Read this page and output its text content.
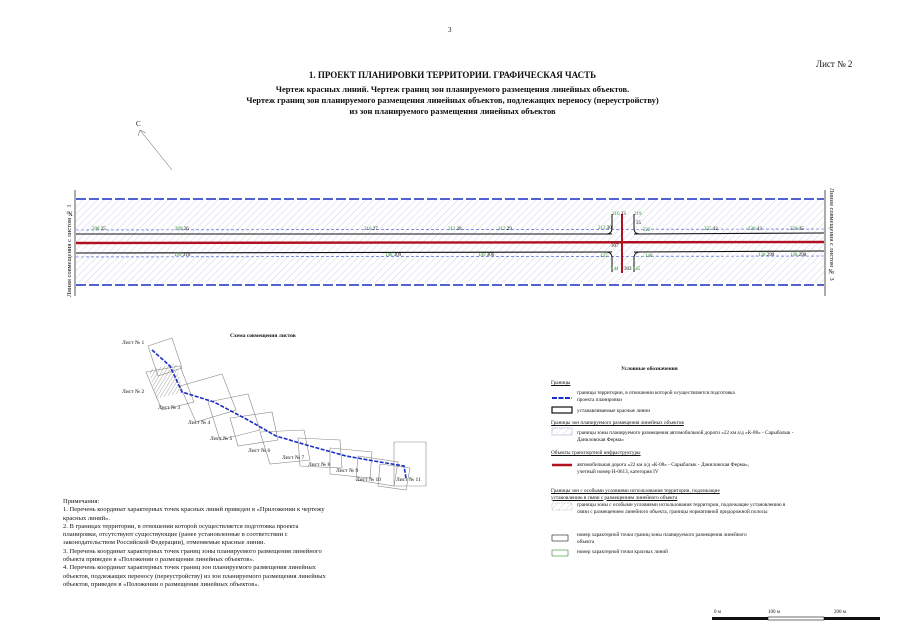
3
Лист № 2
1. ПРОЕКТ ПЛАНИРОВКИ ТЕРРИТОРИИ. ГРАФИЧЕСКАЯ ЧАСТЬ
Чертеж красных линий. Чертеж границ зон планируемого размещения линейных объектов.
Чертеж границ зон планируемого размещения линейных объектов, подлежащих переносу (переустройству)
из зон планируемого размещения линейных объектов
С
208 25	209 26	210 27	211 28	212 29	213 30
216 33 219
35
222	225 42	226 43	228 45
150 310	148 309	149 306	147
307
144 303 145
146	136 299	138 298
Линия совмещения с листом № 1	Линия совмещения с листом № 3
Схема совмещения листов
Лист № 1
Лист № 2
Лист № 3
Лист № 4
Лист № 5
Лист № 6
Лист № 7
Лист № 8
Лист № 9
Лист № 10	Лист № 11

Примечания:

1. Перечень координат характерных точек красных линий приведен в «Приложении к чертежу красных линий».

2. В границах территории, в отношении которой осуществляется подготовка проекта планировки, отсутствуют существующие (ранее установленные в соответствии с законодательством Российской Федерации), отменяемые красные линии.

3. Перечень координат характерных точек границ зоны планируемого размещения линейного объекта приведен в «Положении о размещении линейных объектов».

4. Перечень координат характерных точек границ зон планируемого размещения линейных объектов, подлежащих переносу (переустройству) из зон планируемого размещения линейных объектов, приведен в «Положении о размещении линейных объектов».

Условные обозначения
Границы
границы территории, в отношении которой осуществляется подготовка проекта планировки
устанавливаемые красные линии
Границы зон планируемого размещения линейных объектов
границы зоны планируемого размещения автомобильной дороги «22 км а/д «К-08» - Сарыбалык - Даниловская Ферма»
Объекты транспортной инфраструктуры
автомобильная дорога «22 км а/д «К-08» - Сарыбалык - Даниловская Ферма», учетный номер Н-0613, категория IV
Границы зон с особыми условиями использования территории, подлежащие установлению в связи с размещением линейного объекта
границы зоны с особыми условиями использования территории, подлежащие установлению в связи с размещением линейного объекта, границы нормативной придорожной полосы
номер характерной точки границ зоны планируемого размещения линейного объекта
номер характерной точки красных линий
0 м	100 м	200 м
